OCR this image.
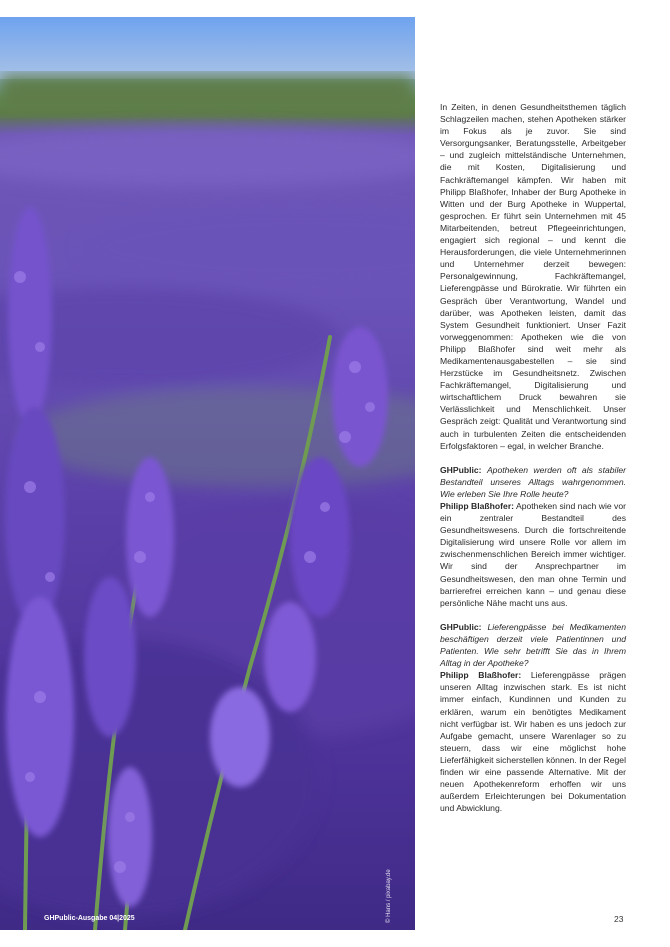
© Hans / pixabay.de
GHPublic-Ausgabe 04|2025

In Zeiten, in denen Gesundheitsthemen täglich Schlagzeilen machen, stehen Apotheken stärker im Fokus als je zuvor. Sie sind Versorgungsanker, Beratungsstelle, Arbeitgeber – und zugleich mittelständische Unternehmen, die mit Kosten, Digitalisierung und Fachkräftemangel kämpfen. Wir haben mit Philipp Blaßhofer, Inhaber der Burg Apotheke in Witten und der Burg Apotheke in Wuppertal, gesprochen. Er führt sein Unternehmen mit 45 Mitarbeitenden, betreut Pflegeeinrichtungen, engagiert sich regional – und kennt die Herausforderungen, die viele Unternehmerinnen und Unternehmer derzeit bewegen: Personalgewinnung, Fachkräftemangel, Lieferengpässe und Bürokratie. Wir führten ein Gespräch über Verantwortung, Wandel und darüber, was Apotheken leisten, damit das System Gesundheit funktioniert. Unser Fazit vorweggenommen: Apotheken wie die von Philipp Blaßhofer sind weit mehr als Medikamentenausgabestellen – sie sind Herzstücke im Gesundheitsnetz. Zwischen Fachkräftemangel, Digitalisierung und wirtschaftlichem Druck bewahren sie Verlässlichkeit und Menschlichkeit. Unser Gespräch zeigt: Qualität und Verantwortung sind auch in turbulenten Zeiten die entscheidenden Erfolgsfaktoren – egal, in welcher Branche.

GHPublic: Apotheken werden oft als stabiler Bestandteil unseres Alltags wahrgenommen. Wie erleben Sie Ihre Rolle heute?

Philipp Blaßhofer: Apotheken sind nach wie vor ein zentraler Bestandteil des Gesundheitswesens. Durch die fortschreitende Digitalisierung wird unsere Rolle vor allem im zwischenmenschlichen Bereich immer wichtiger. Wir sind der Ansprechpartner im Gesundheitswesen, den man ohne Termin und barrierefrei erreichen kann – und genau diese persönliche Nähe macht uns aus.

GHPublic: Lieferengpässe bei Medikamenten beschäftigen derzeit viele Patientinnen und Patienten. Wie sehr betrifft Sie das in Ihrem Alltag in der Apotheke?

Philipp Blaßhofer: Lieferengpässe prägen unseren Alltag inzwischen stark. Es ist nicht immer einfach, Kundinnen und Kunden zu erklären, warum ein benötigtes Medikament nicht verfügbar ist. Wir haben es uns jedoch zur Aufgabe gemacht, unsere Warenlager so zu steuern, dass wir eine möglichst hohe Lieferfähigkeit sicherstellen können. In der Regel finden wir eine passende Alternative. Mit der neuen Apothekenreform erhoffen wir uns außerdem Erleichterungen bei Dokumentation und Abwicklung.

23
